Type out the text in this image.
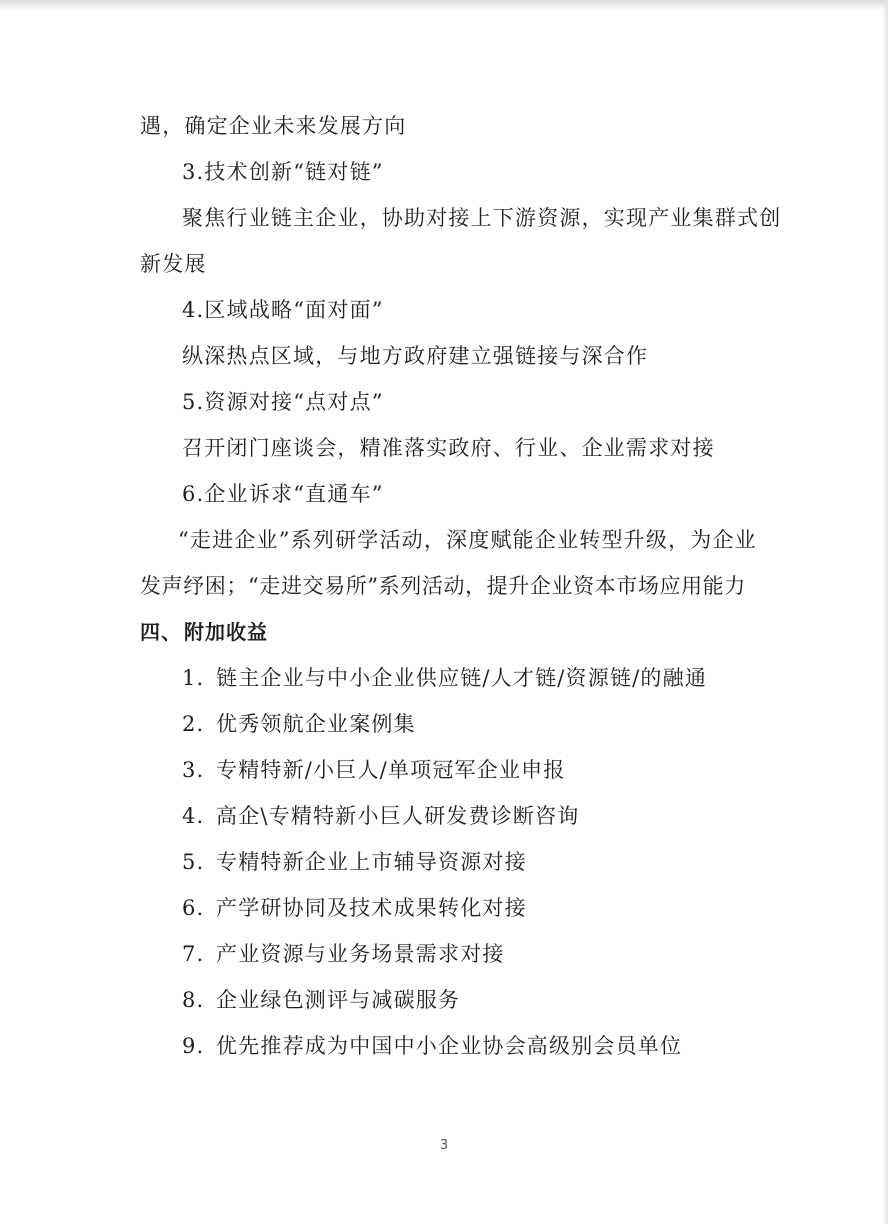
遇，确定企业未来发展方向
3.技术创新“链对链”
聚焦行业链主企业，协助对接上下游资源，实现产业集群式创
新发展
4.区域战略“面对面”
纵深热点区域，与地方政府建立强链接与深合作
5.资源对接“点对点”
召开闭门座谈会，精准落实政府、行业、企业需求对接
6.企业诉求“直通车”
“走进企业”系列研学活动，深度赋能企业转型升级，为企业
发声纾困；“走进交易所”系列活动，提升企业资本市场应用能力
四、 附加收益
1. 链主企业与中小企业供应链/人才链/资源链/的融通
2. 优秀领航企业案例集
3. 专精特新/小巨人/单项冠军企业申报
4. 高企\专精特新小巨人研发费诊断咨询
5. 专精特新企业上市辅导资源对接
6. 产学研协同及技术成果转化对接
7. 产业资源与业务场景需求对接
8. 企业绿色测评与减碳服务
9. 优先推荐成为中国中小企业协会高级别会员单位
3
